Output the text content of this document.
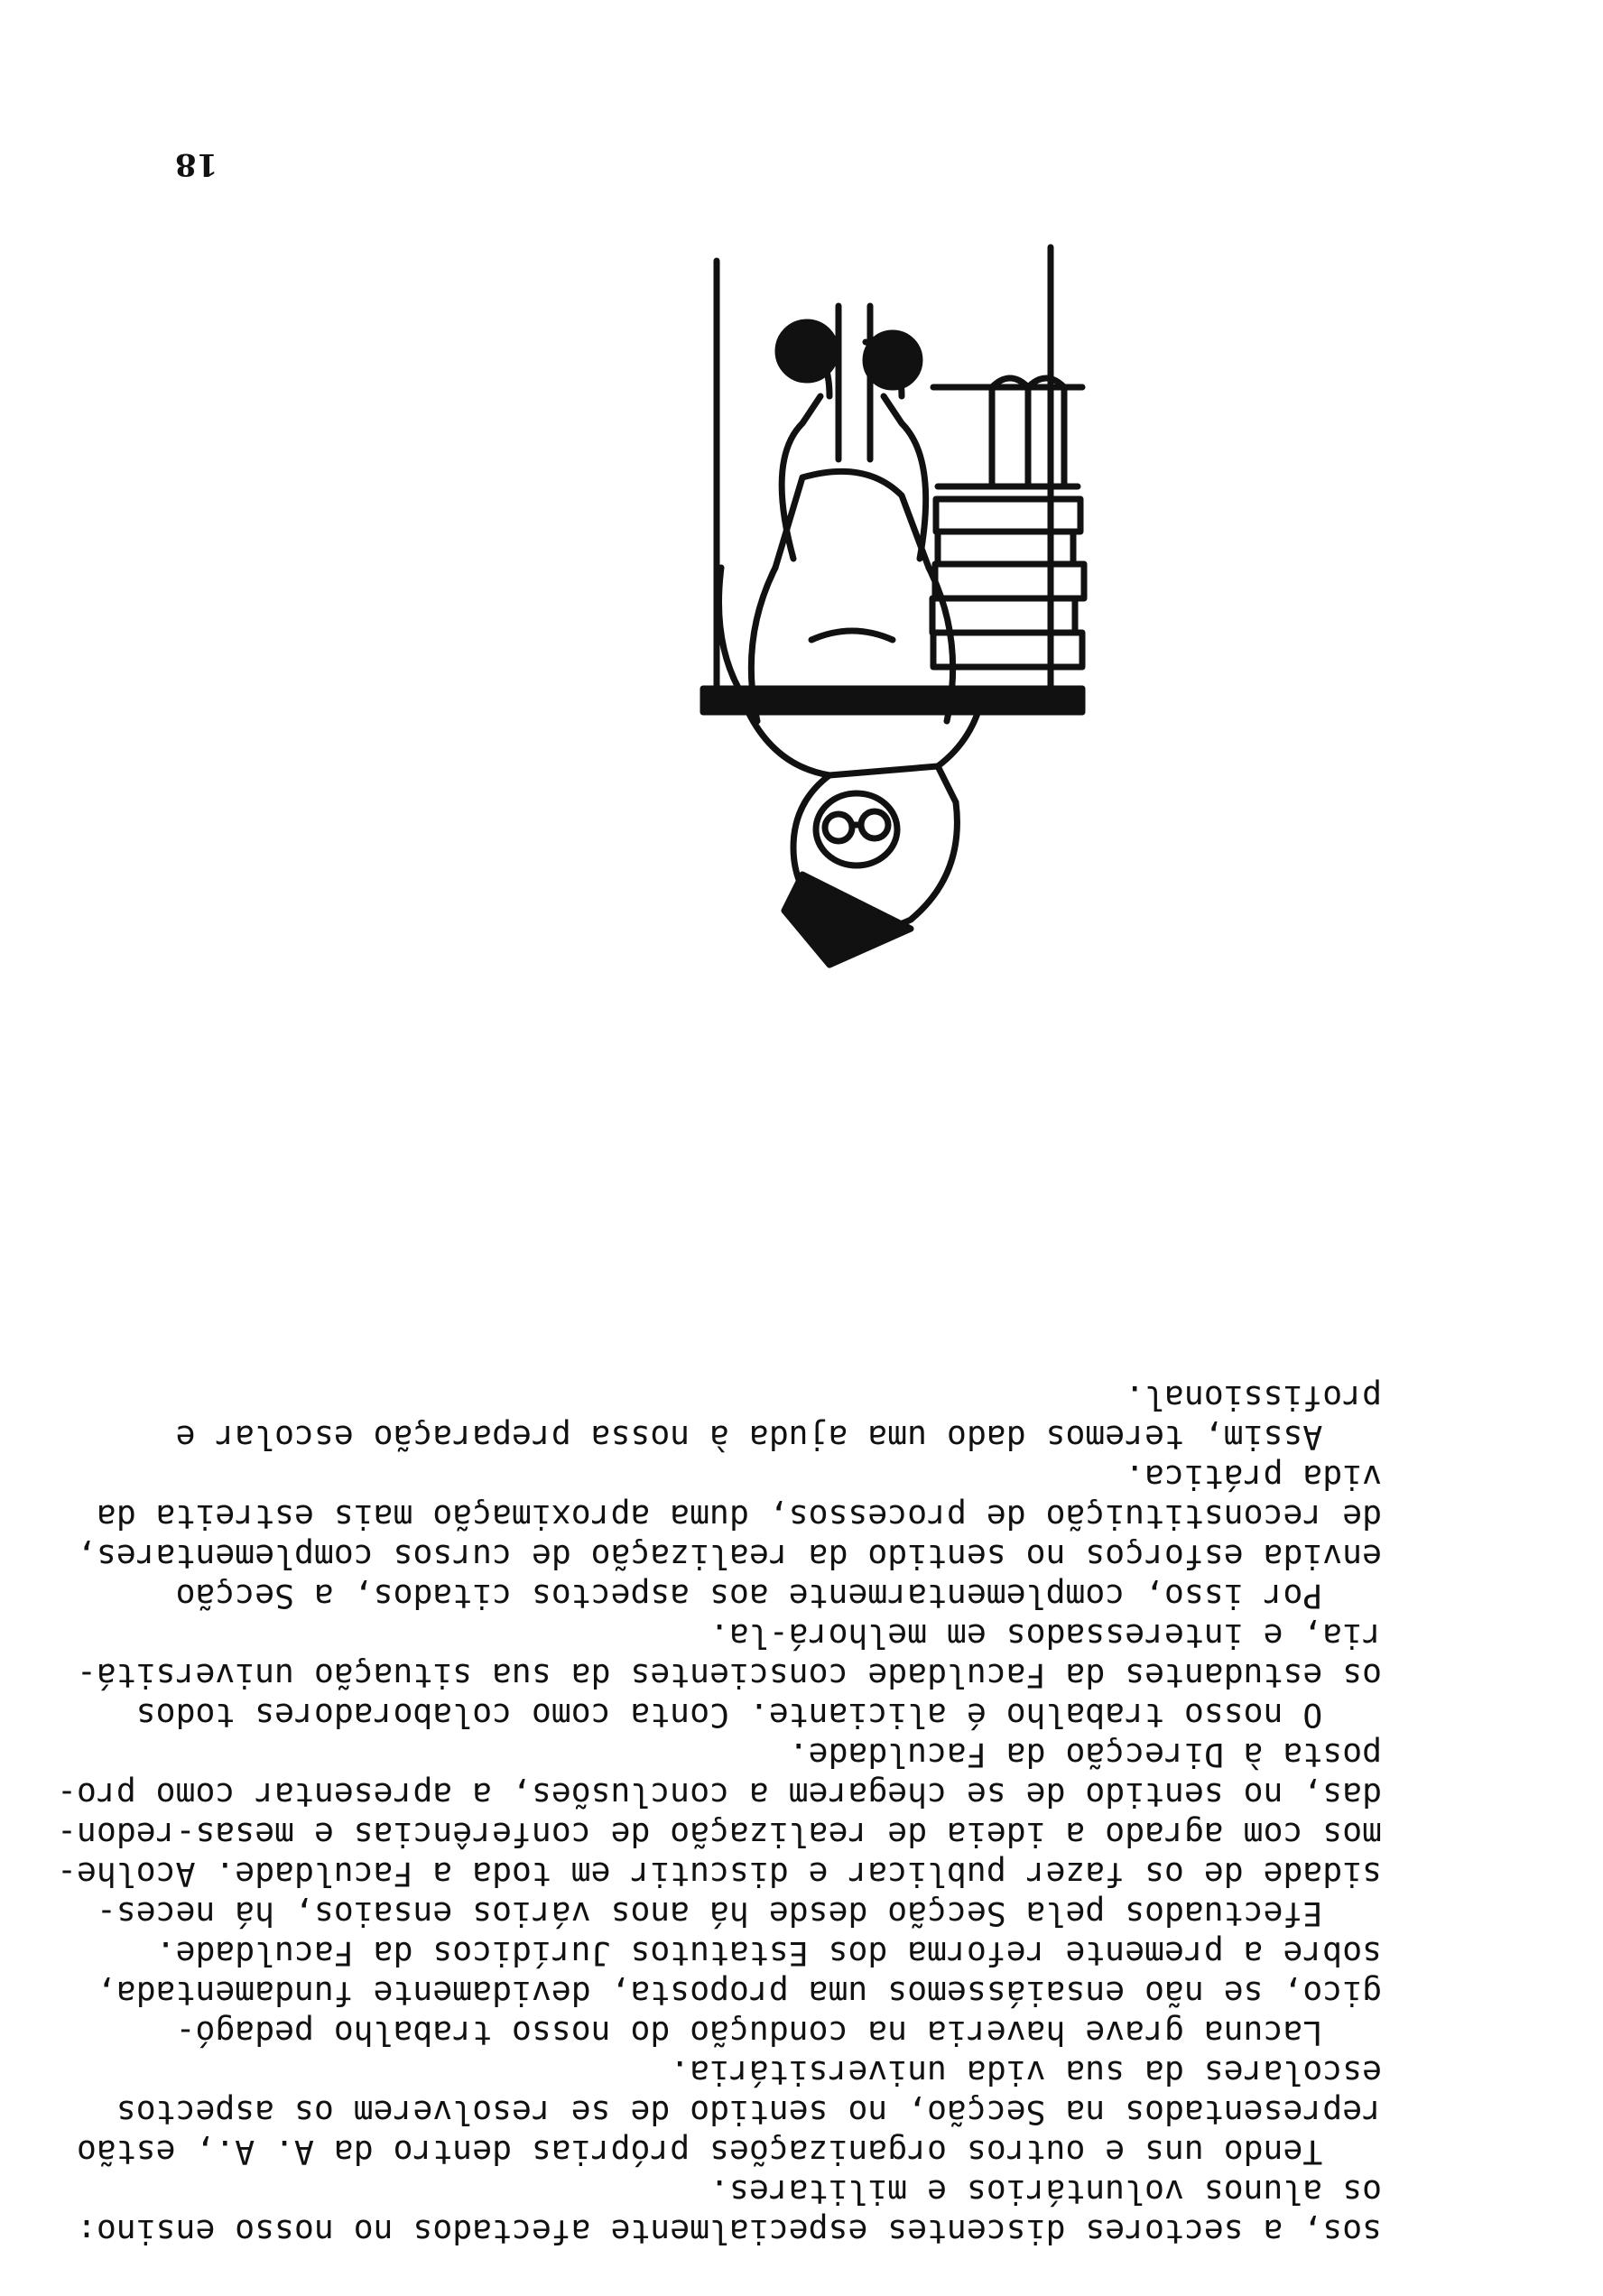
sos, a sectores discentes especialmente afectados no nosso ensino:
os alunos voluntários e militares.

Tendo uns e outros organizações próprias dentro da A. A., estão
representados na Secção, no sentido de se resolverem os aspectos
escolares da sua vida universitária.

Lacuna grave haveria na condução do nosso trabalho pedagó-
gico, se não ensaiássemos uma proposta, devidamente fundamentada,
sobre a premente reforma dos Estatutos Jurídicos da Faculdade.

Efectuados pela Secção desde há anos vários ensaios, há neces-
sidade de os fazer publicar e discutir em toda a Faculdade. Acolhe-
mos com agrado a ideia de realização de conferências e mesas-redon-
das, no sentido de se chegarem a conclusões, a apresentar como pro-
posta à Direcção da Faculdade.

O nosso trabalho é aliciante. Conta como colaboradores todos
os estudantes da Faculdade conscientes da sua situação universitá-
ria, e interessados em melhorá-la.

Por isso, complementarmente aos aspectos citados, a Secção
envida esforços no sentido da realização de cursos complementares,
de reconstituição de processos, duma aproximação mais estreita da
vida prática.

Assim, teremos dado uma ajuda à nossa preparação escolar e
profissional.

18
